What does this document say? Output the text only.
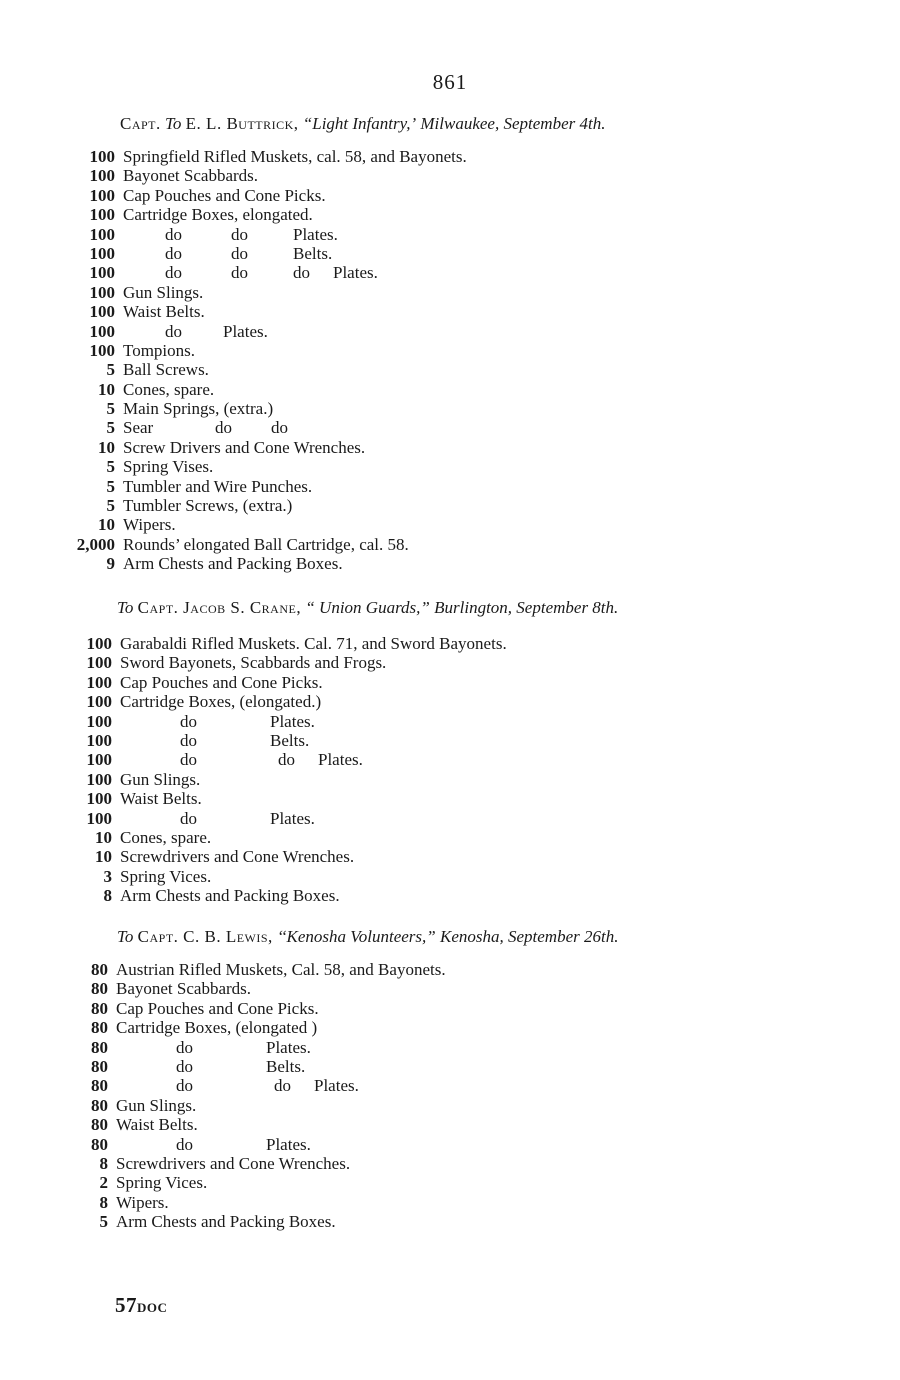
861
Capt. To E. L. Buttrick, “Light Infantry,’ Milwaukee, September 4th.
100 Springfield Rifled Muskets, cal. 58, and Bayonets.
100 Bayonet Scabbards.
100 Cap Pouches and Cone Picks.
100 Cartridge Boxes, elongated.
100	do	do	Plates.
100	do	do	Belts.
100	do	do	do Plates.
100 Gun Slings.
100 Waist Belts.
100	do Plates.
100 Tompions.
5 Ball Screws.
10 Cones, spare.
5 Main Springs, (extra.)
5 Sear	do do
10 Screw Drivers and Cone Wrenches.
5 Spring Vises.
5 Tumbler and Wire Punches.
5 Tumbler Screws, (extra.)
10 Wipers.
2,000 Rounds’ elongated Ball Cartridge, cal. 58.
9 Arm Chests and Packing Boxes.
To Capt. Jacob S. Crane, “ Union Guards,” Burlington, September 8th.
100 Garabaldi Rifled Muskets. Cal. 71, and Sword Bayonets.
100 Sword Bayonets, Scabbards and Frogs.
100 Cap Pouches and Cone Picks.
100 Cartridge Boxes, (elongated.)
100	do	Plates.
100	do	Belts.
100	do	do Plates.
100 Gun Slings.
100 Waist Belts.
100	do	Plates.
10 Cones, spare.
10 Screwdrivers and Cone Wrenches.
3 Spring Vices.
8 Arm Chests and Packing Boxes.
To Capt. C. B. Lewis, ‘‘Kenosha Volunteers,” Kenosha, September 26th.
80 Austrian Rifled Muskets, Cal. 58, and Bayonets.
80 Bayonet Scabbards.
80 Cap Pouches and Cone Picks.
80 Cartridge Boxes, (elongated )
80	do	Plates.
80	do	Belts.
80	do	do Plates.
80 Gun Slings.
80 Waist Belts.
80	do	Plates.
8 Screwdrivers and Cone Wrenches.
2 Spring Vices.
8 Wipers.
5 Arm Chests and Packing Boxes.
57DOC
